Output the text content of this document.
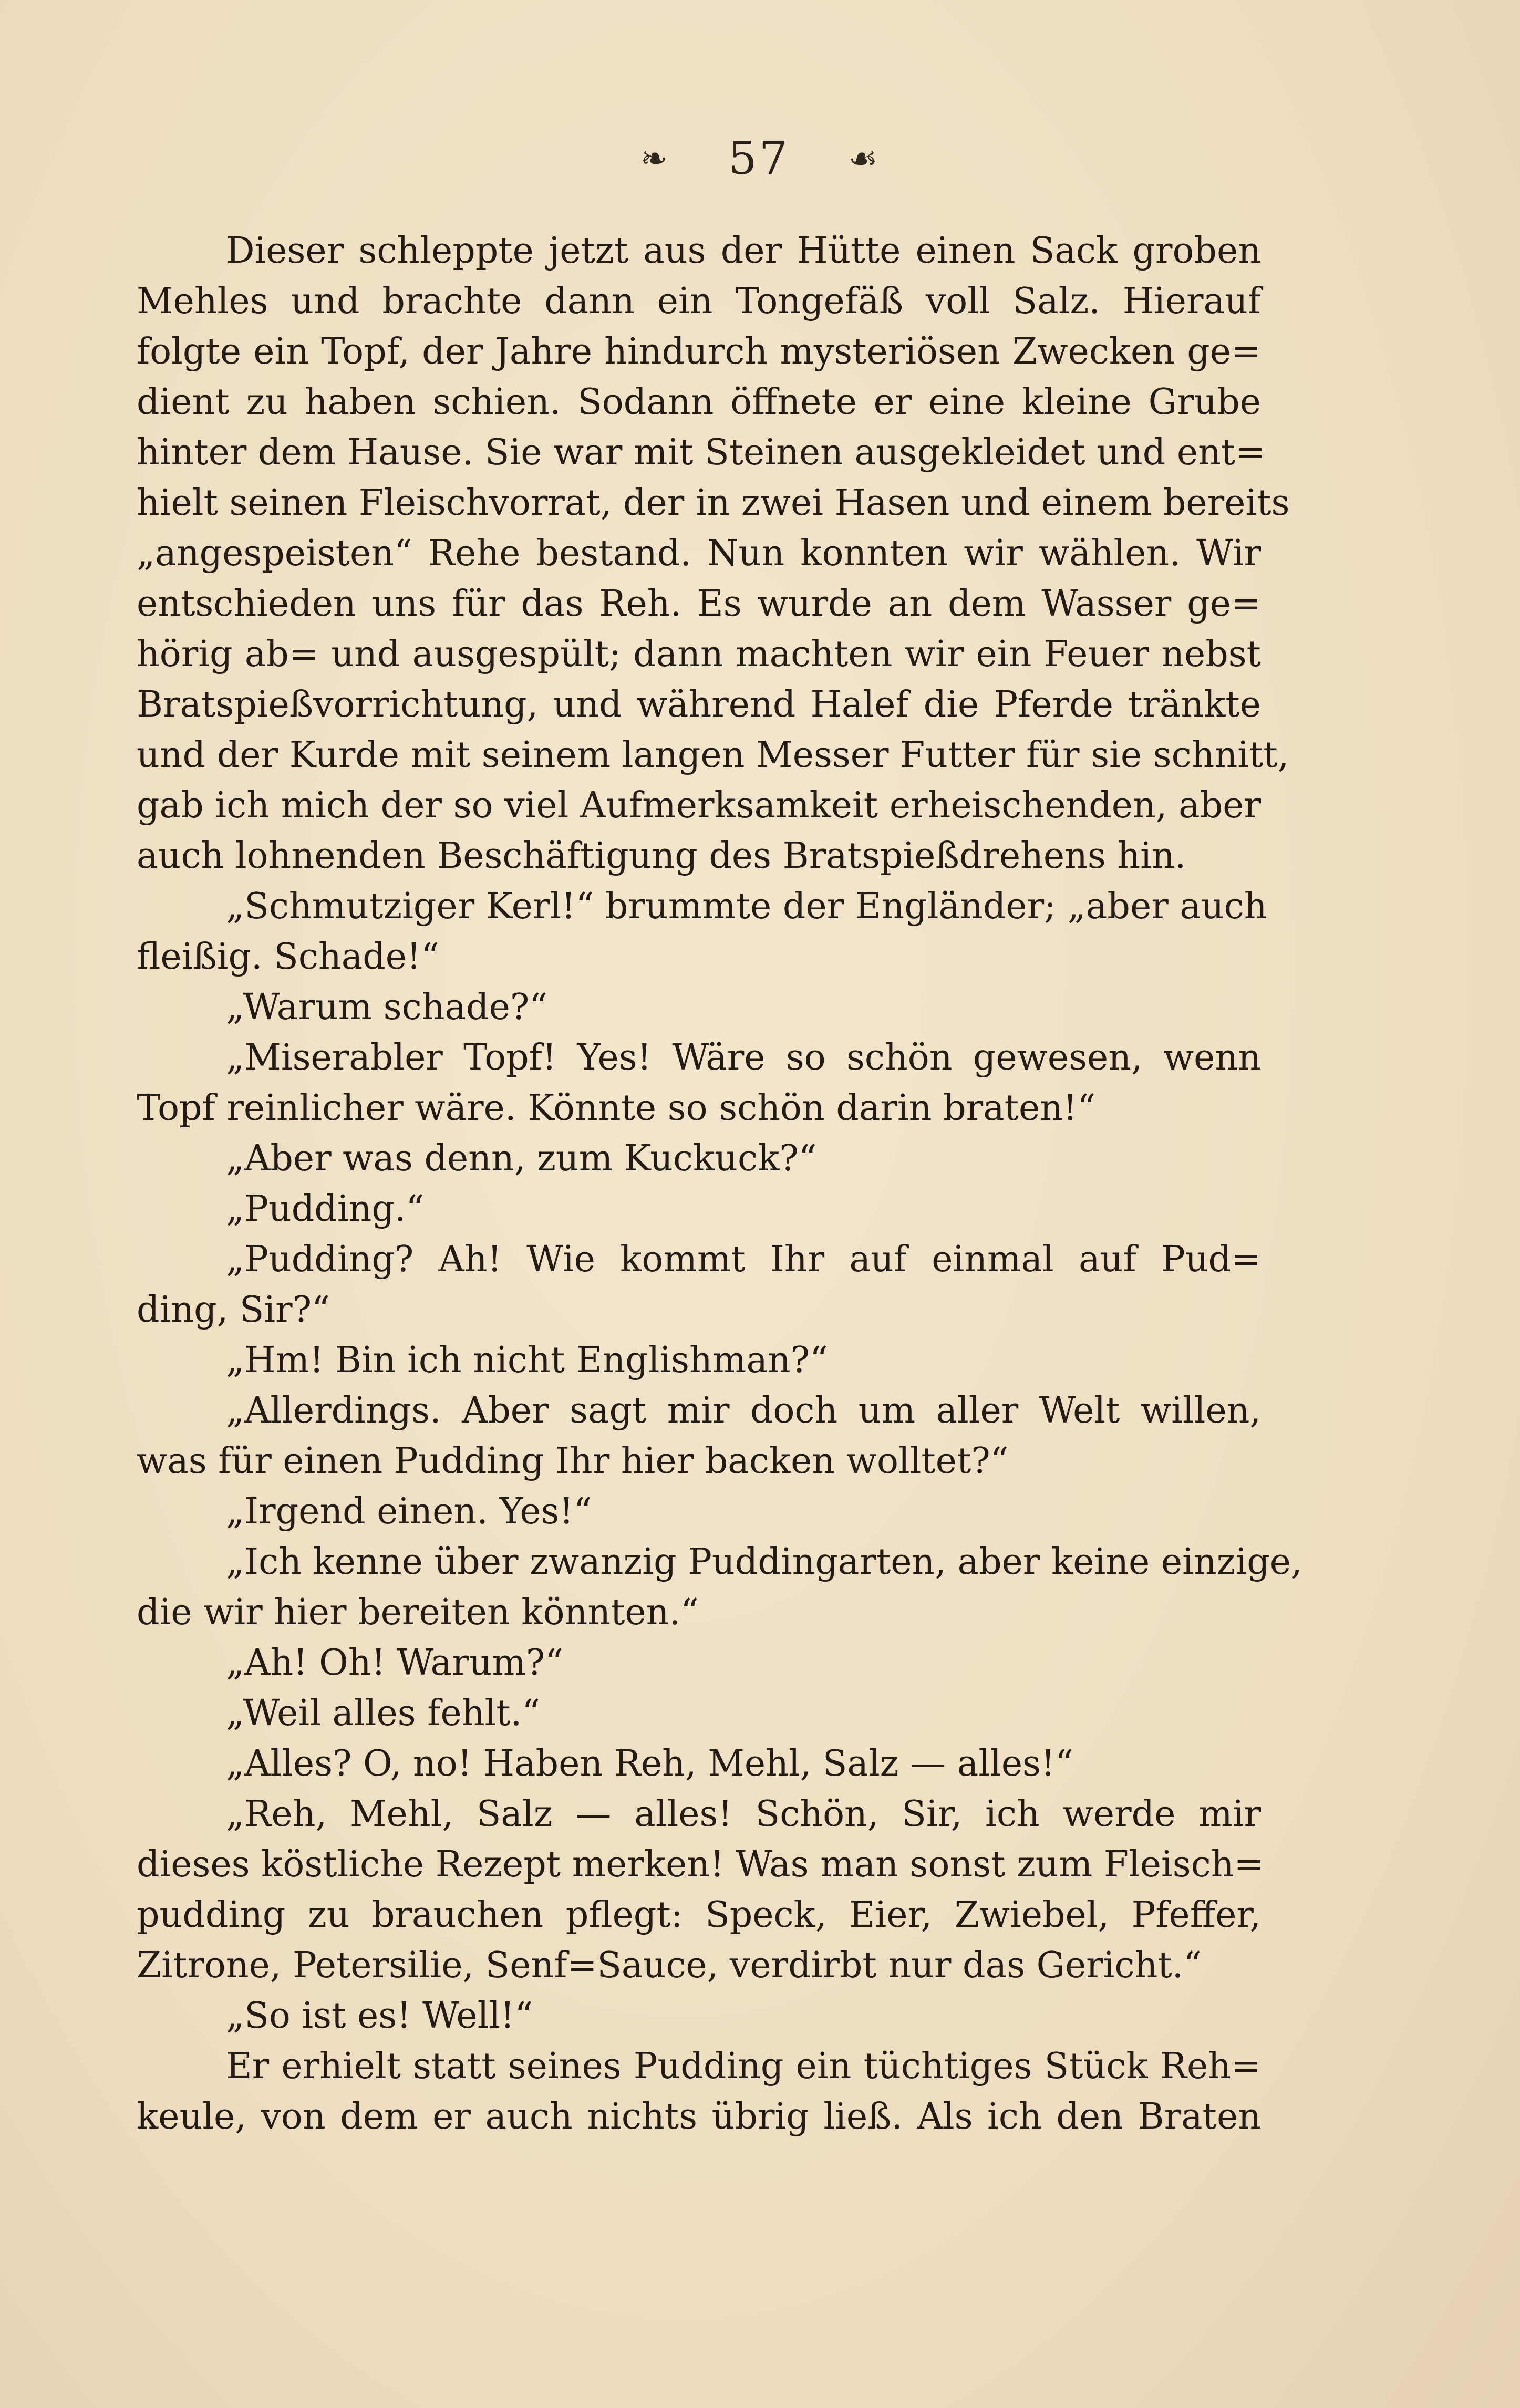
❧ 57 ☙
Dieser schleppte jetzt aus der Hütte einen Sack groben
Mehles und brachte dann ein Tongefäß voll Salz. Hierauf
folgte ein Topf, der Jahre hindurch mysteriösen Zwecken ge=
dient zu haben schien. Sodann öffnete er eine kleine Grube
hinter dem Hause. Sie war mit Steinen ausgekleidet und ent=
hielt seinen Fleischvorrat, der in zwei Hasen und einem bereits
„angespeisten“ Rehe bestand. Nun konnten wir wählen. Wir
entschieden uns für das Reh. Es wurde an dem Wasser ge=
hörig ab= und ausgespült; dann machten wir ein Feuer nebst
Bratspießvorrichtung, und während Halef die Pferde tränkte
und der Kurde mit seinem langen Messer Futter für sie schnitt,
gab ich mich der so viel Aufmerksamkeit erheischenden, aber
auch lohnenden Beschäftigung des Bratspießdrehens hin.
„Schmutziger Kerl!“ brummte der Engländer; „aber auch
fleißig. Schade!“
„Warum schade?“
„Miserabler Topf! Yes! Wäre so schön gewesen, wenn
Topf reinlicher wäre. Könnte so schön darin braten!“
„Aber was denn, zum Kuckuck?“
„Pudding.“
„Pudding? Ah! Wie kommt Ihr auf einmal auf Pud=
ding, Sir?“
„Hm! Bin ich nicht Englishman?“
„Allerdings. Aber sagt mir doch um aller Welt willen,
was für einen Pudding Ihr hier backen wolltet?“
„Irgend einen. Yes!“
„Ich kenne über zwanzig Puddingarten, aber keine einzige,
die wir hier bereiten könnten.“
„Ah! Oh! Warum?“
„Weil alles fehlt.“
„Alles? O, no! Haben Reh, Mehl, Salz — alles!“
„Reh, Mehl, Salz — alles! Schön, Sir, ich werde mir
dieses köstliche Rezept merken! Was man sonst zum Fleisch=
pudding zu brauchen pflegt: Speck, Eier, Zwiebel, Pfeffer,
Zitrone, Petersilie, Senf=Sauce, verdirbt nur das Gericht.“
„So ist es! Well!“
Er erhielt statt seines Pudding ein tüchtiges Stück Reh=
keule, von dem er auch nichts übrig ließ. Als ich den Braten
